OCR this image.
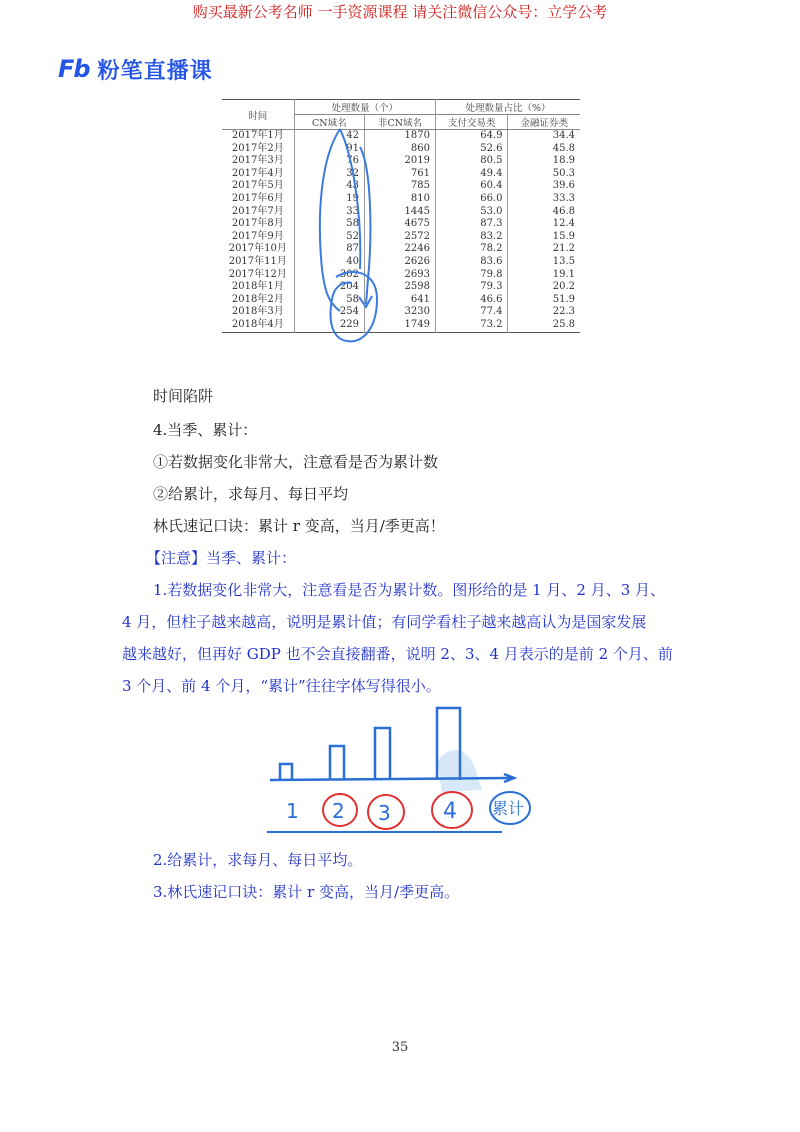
购买最新公考名师 一手资源课程 请关注微信公众号：立学公考
Fb 粉笔直播课
时间	处理数量（个）		处理数量占比（%）	
	CN域名	非CN域名	支付交易类	金融证券类
2017年1月	42	1870	64.9	34.4
2017年2月	91	860	52.6	45.8
2017年3月	76	2019	80.5	18.9
2017年4月	32	761	49.4	50.3
2017年5月	43	785	60.4	39.6
2017年6月	19	810	66.0	33.3
2017年7月	33	1445	53.0	46.8
2017年8月	58	4675	87.3	12.4
2017年9月	52	2572	83.2	15.9
2017年10月	87	2246	78.2	21.2
2017年11月	40	2626	83.6	13.5
2017年12月	302	2693	79.8	19.1
2018年1月	204	2598	79.3	20.2
2018年2月	58	641	46.6	51.9
2018年3月	254	3230	77.4	22.3
2018年4月	229	1749	73.2	25.8
时间陷阱
4.当季、累计：
①若数据变化非常大，注意看是否为累计数
②给累计，求每月、每日平均
林氏速记口诀：累计 r 变高，当月/季更高！
【注意】当季、累计：
1.若数据变化非常大，注意看是否为累计数。图形给的是 1 月、2 月、3 月、
4 月，但柱子越来越高，说明是累计值；有同学看柱子越来越高认为是国家发展
越来越好，但再好 GDP 也不会直接翻番，说明 2、3、4 月表示的是前 2 个月、前
3 个月、前 4 个月，“累计”往往字体写得很小。
1 2 3 4 累计
2.给累计，求每月、每日平均。
3.林氏速记口诀：累计 r 变高，当月/季更高。
35
